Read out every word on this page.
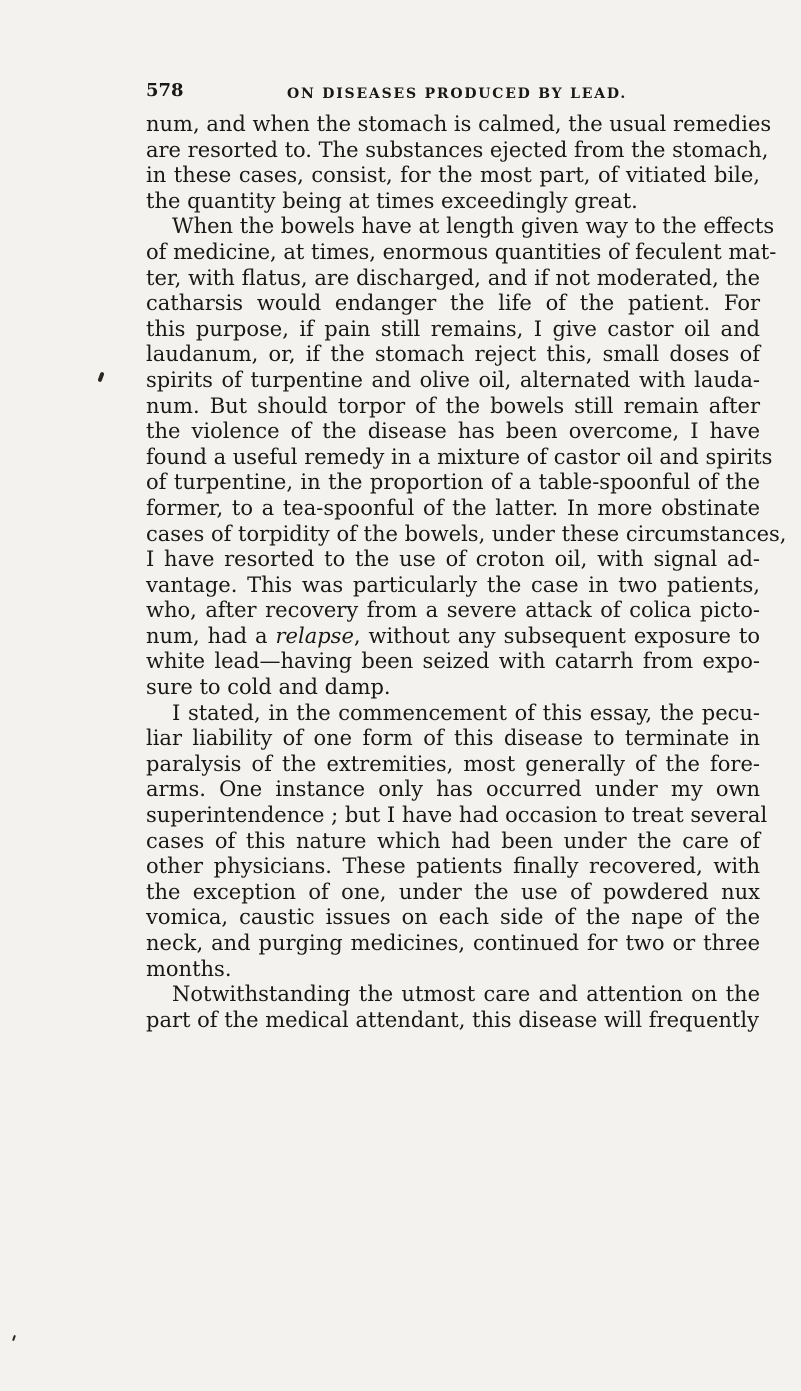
578	ON DISEASES PRODUCED BY LEAD.
num, and when the stomach is calmed, the usual remedies
are resorted to. The substances ejected from the stomach,
in these cases, consist, for the most part, of vitiated bile,
the quantity being at times exceedingly great.
When the bowels have at length given way to the effects
of medicine, at times, enormous quantities of feculent mat-
ter, with flatus, are discharged, and if not moderated, the
catharsis would endanger the life of the patient. For
this purpose, if pain still remains, I give castor oil and
laudanum, or, if the stomach reject this, small doses of
spirits of turpentine and olive oil, alternated with lauda-
num. But should torpor of the bowels still remain after
the violence of the disease has been overcome, I have
found a useful remedy in a mixture of castor oil and spirits
of turpentine, in the proportion of a table-spoonful of the
former, to a tea-spoonful of the latter. In more obstinate
cases of torpidity of the bowels, under these circumstances,
I have resorted to the use of croton oil, with signal ad-
vantage. This was particularly the case in two patients,
who, after recovery from a severe attack of colica picto-
num, had a relapse, without any subsequent exposure to
white lead—having been seized with catarrh from expo-
sure to cold and damp.
I stated, in the commencement of this essay, the pecu-
liar liability of one form of this disease to terminate in
paralysis of the extremities, most generally of the fore-
arms. One instance only has occurred under my own
superintendence ; but I have had occasion to treat several
cases of this nature which had been under the care of
other physicians. These patients finally recovered, with
the exception of one, under the use of powdered nux
vomica, caustic issues on each side of the nape of the
neck, and purging medicines, continued for two or three
months.
Notwithstanding the utmost care and attention on the
part of the medical attendant, this disease will frequently
